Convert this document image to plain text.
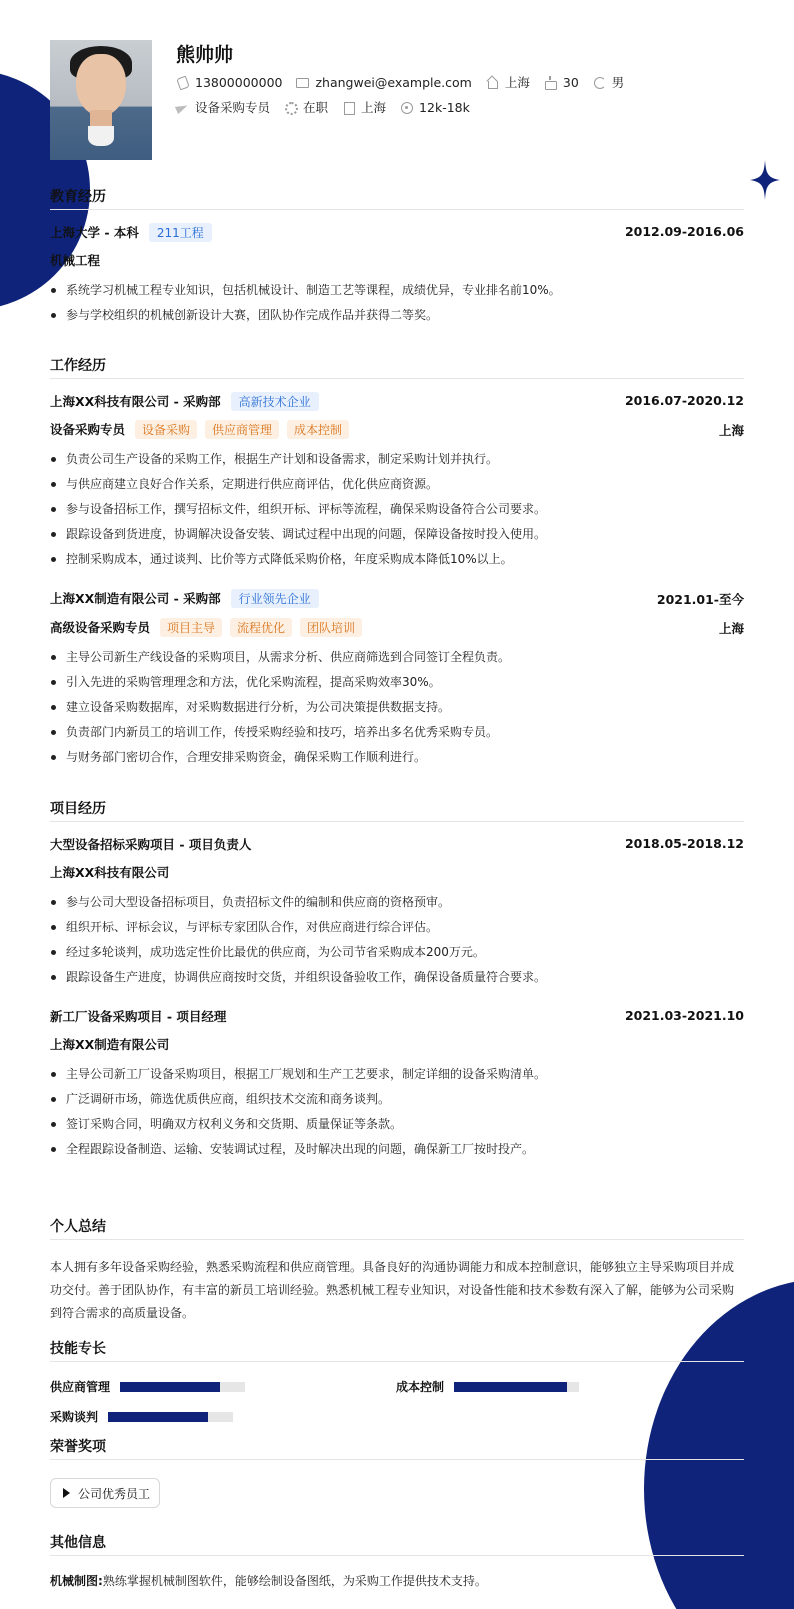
熊帅帅
13800000000	zhangwei@example.com	上海	30	男
设备采购专员	在职	上海	12k-18k
教育经历
上海大学 - 本科	211工程	2012.09-2016.06
机械工程
系统学习机械工程专业知识，包括机械设计、制造工艺等课程，成绩优异，专业排名前10%。
参与学校组织的机械创新设计大赛，团队协作完成作品并获得二等奖。
工作经历
上海XX科技有限公司 - 采购部	高新技术企业	2016.07-2020.12
设备采购专员	设备采购	供应商管理	成本控制	上海
负责公司生产设备的采购工作，根据生产计划和设备需求，制定采购计划并执行。
与供应商建立良好合作关系，定期进行供应商评估，优化供应商资源。
参与设备招标工作，撰写招标文件，组织开标、评标等流程，确保采购设备符合公司要求。
跟踪设备到货进度，协调解决设备安装、调试过程中出现的问题，保障设备按时投入使用。
控制采购成本，通过谈判、比价等方式降低采购价格，年度采购成本降低10%以上。
上海XX制造有限公司 - 采购部	行业领先企业	2021.01-至今
高级设备采购专员	项目主导	流程优化	团队培训	上海
主导公司新生产线设备的采购项目，从需求分析、供应商筛选到合同签订全程负责。
引入先进的采购管理理念和方法，优化采购流程，提高采购效率30%。
建立设备采购数据库，对采购数据进行分析，为公司决策提供数据支持。
负责部门内新员工的培训工作，传授采购经验和技巧，培养出多名优秀采购专员。
与财务部门密切合作，合理安排采购资金，确保采购工作顺利进行。
项目经历
大型设备招标采购项目 - 项目负责人	2018.05-2018.12
上海XX科技有限公司
参与公司大型设备招标项目，负责招标文件的编制和供应商的资格预审。
组织开标、评标会议，与评标专家团队合作，对供应商进行综合评估。
经过多轮谈判，成功选定性价比最优的供应商，为公司节省采购成本200万元。
跟踪设备生产进度，协调供应商按时交货，并组织设备验收工作，确保设备质量符合要求。
新工厂设备采购项目 - 项目经理	2021.03-2021.10
上海XX制造有限公司
主导公司新工厂设备采购项目，根据工厂规划和生产工艺要求，制定详细的设备采购清单。
广泛调研市场，筛选优质供应商，组织技术交流和商务谈判。
签订采购合同，明确双方权利义务和交货期、质量保证等条款。
全程跟踪设备制造、运输、安装调试过程，及时解决出现的问题，确保新工厂按时投产。
个人总结
本人拥有多年设备采购经验，熟悉采购流程和供应商管理。具备良好的沟通协调能力和成本控制意识，能够独立主导采购项目并成
功交付。善于团队协作，有丰富的新员工培训经验。熟悉机械工程专业知识，对设备性能和技术参数有深入了解，能够为公司采购
到符合需求的高质量设备。
技能专长
供应商管理	成本控制
采购谈判
荣誉奖项
公司优秀员工
其他信息
机械制图:熟练掌握机械制图软件，能够绘制设备图纸，为采购工作提供技术支持。
